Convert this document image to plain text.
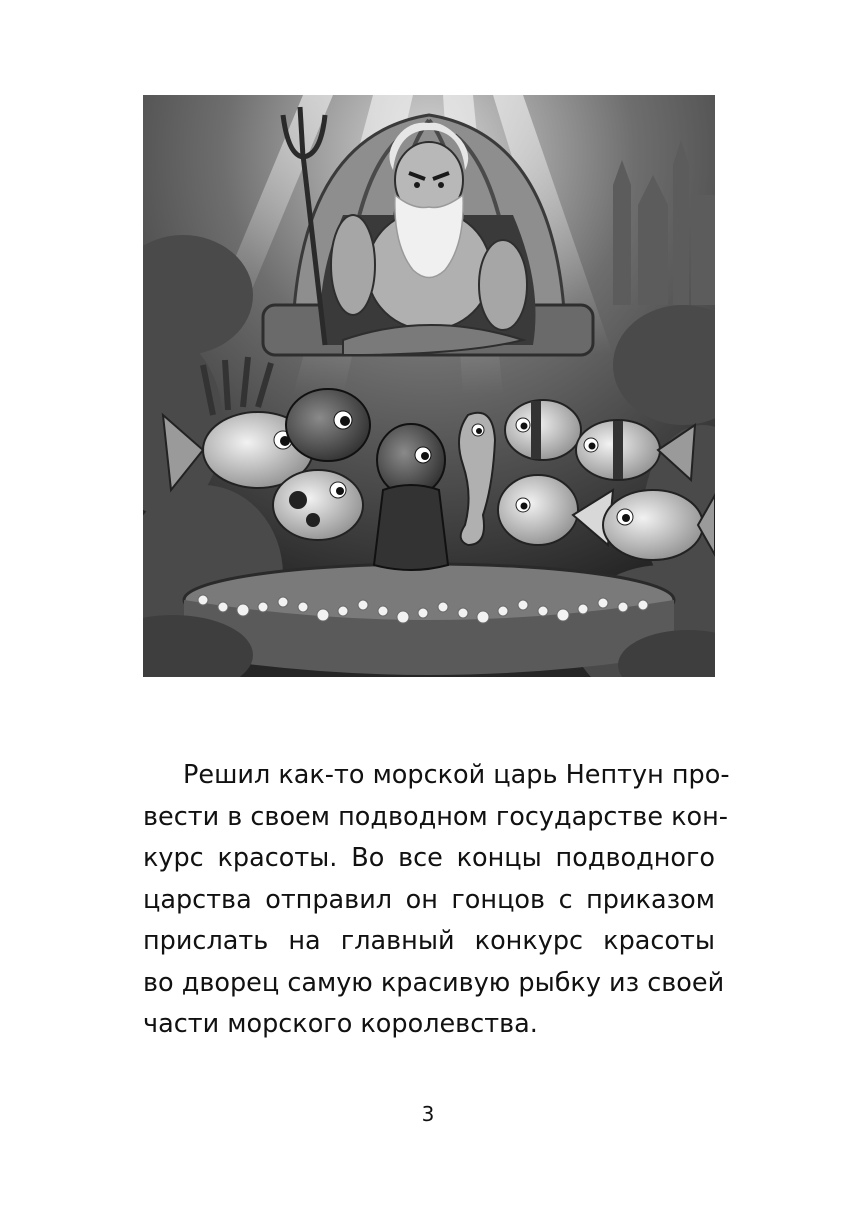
Решил как-то морской царь Нептун про-
вести в своем подводном государстве кон-
курс красоты. Во все концы подводного
царства отправил он гонцов с приказом
прислать на главный конкурс красоты
во дворец самую красивую рыбку из своей
части морского королевства.
3
